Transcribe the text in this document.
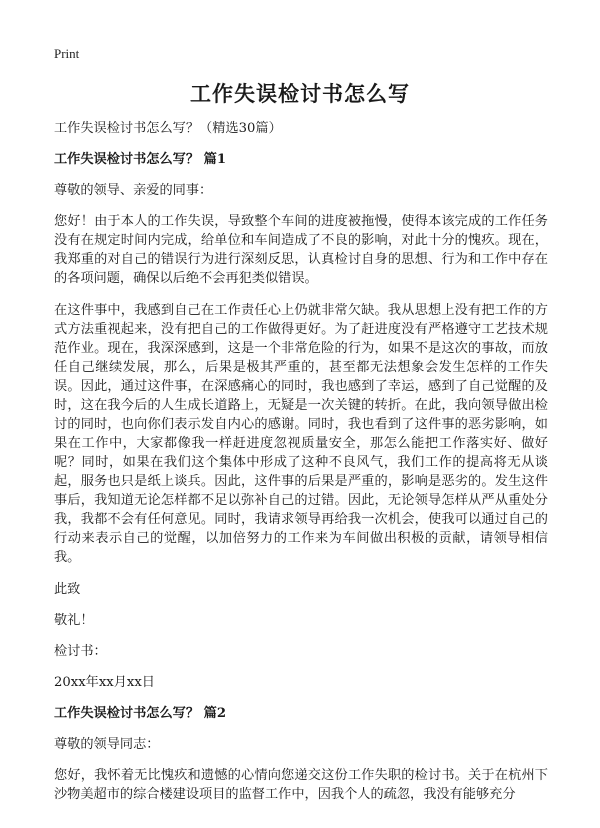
Print
工作失误检讨书怎么写

工作失误检讨书怎么写？（精选30篇）

工作失误检讨书怎么写？ 篇1

尊敬的领导、亲爱的同事：

您好！由于本人的工作失误，导致整个车间的进度被拖慢，使得本该完成的工作任务没有在规定时间内完成，给单位和车间造成了不良的影响，对此十分的愧疚。现在，我郑重的对自己的错误行为进行深刻反思，认真检讨自身的思想、行为和工作中存在的各项问题，确保以后绝不会再犯类似错误。

在这件事中，我感到自己在工作责任心上仍就非常欠缺。我从思想上没有把工作的方式方法重视起来，没有把自己的工作做得更好。为了赶进度没有严格遵守工艺技术规范作业。现在，我深深感到，这是一个非常危险的行为，如果不是这次的事故，而放任自己继续发展，那么，后果是极其严重的，甚至都无法想象会发生怎样的工作失误。因此，通过这件事，在深感痛心的同时，我也感到了幸运，感到了自己觉醒的及时，这在我今后的人生成长道路上，无疑是一次关键的转折。在此，我向领导做出检讨的同时，也向你们表示发自内心的感谢。同时，我也看到了这件事的恶劣影响，如果在工作中，大家都像我一样赶进度忽视质量安全，那怎么能把工作落实好、做好呢？同时，如果在我们这个集体中形成了这种不良风气，我们工作的提高将无从谈起，服务也只是纸上谈兵。因此，这件事的后果是严重的，影响是恶劣的。发生这件事后，我知道无论怎样都不足以弥补自己的过错。因此，无论领导怎样从严从重处分我，我都不会有任何意见。同时，我请求领导再给我一次机会，使我可以通过自己的行动来表示自己的觉醒，以加倍努力的工作来为车间做出积极的贡献，请领导相信我。

此致

敬礼！

检讨书：

20xx年xx月xx日

工作失误检讨书怎么写？ 篇2

尊敬的领导同志：

您好，我怀着无比愧疚和遗憾的心情向您递交这份工作失职的检讨书。关于在杭州下沙物美超市的综合楼建设项目的监督工作中，因我个人的疏忽，我没有能够充分
